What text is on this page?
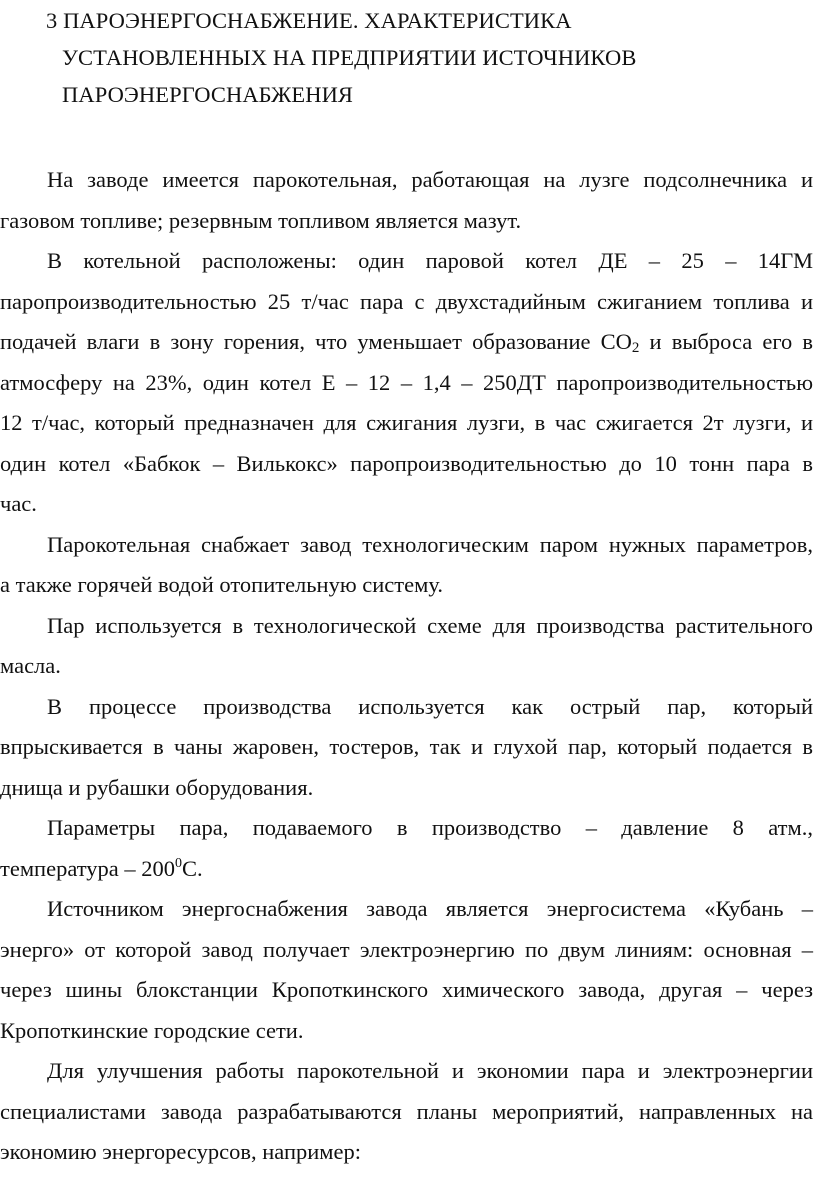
3 ПАРОЭНЕРГОСНАБЖЕНИЕ. ХАРАКТЕРИСТИКА
УСТАНОВЛЕННЫХ НА ПРЕДПРИЯТИИ ИСТОЧНИКОВ
ПАРОЭНЕРГОСНАБЖЕНИЯ
На заводе имеется парокотельная, работающая на лузге подсолнечника и
газовом топливе; резервным топливом является мазут.
В котельной расположены: один паровой котел ДЕ – 25 – 14ГМ
паропроизводительностью 25 т/час пара с двухстадийным сжиганием топлива и
подачей влаги в зону горения, что уменьшает образование $СО_2$ и выброса его в
атмосферу на 23%, один котел Е – 12 – 1,4 – 250ДТ паропроизводительностью
12 т/час, который предназначен для сжигания лузги, в час сжигается 2т лузги, и
один котел «Бабкок – Вилькокс» паропроизводительностью до 10 тонн пара в
час.
Парокотельная снабжает завод технологическим паром нужных параметров,
а также горячей водой отопительную систему.
Пар используется в технологической схеме для производства растительного
масла.
В процессе производства используется как острый пар, который
впрыскивается в чаны жаровен, тостеров, так и глухой пар, который подается в
днища и рубашки оборудования.
Параметры пара, подаваемого в производство – давление 8 атм.,
температура – $200^0С$.
Источником энергоснабжения завода является энергосистема «Кубань –
энерго» от которой завод получает электроэнергию по двум линиям: основная –
через шины блокстанции Кропоткинского химического завода, другая – через
Кропоткинские городские сети.
Для улучшения работы парокотельной и экономии пара и электроэнергии
специалистами завода разрабатываются планы мероприятий, направленных на
экономию энергоресурсов, например:
